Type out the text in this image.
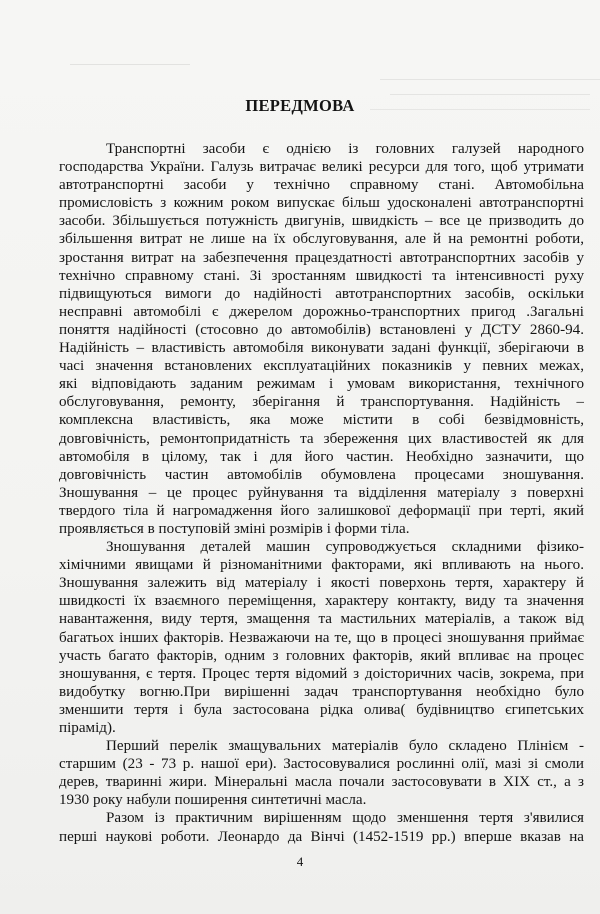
ПЕРЕДМОВА
Транспортні засоби є однією із головних галузей народного
господарства України. Галузь витрачає великі ресурси для того, щоб утримати
автотранспортні засоби у технічно справному стані. Автомобільна
промисловість з кожним роком випускає більш удосконалені автотранспортні
засоби. Збільшується потужність двигунів, швидкість – все це призводить до
збільшення витрат не лише на їх обслуговування, але й на ремонтні роботи,
зростання витрат на забезпечення працездатності автотранспортних засобів у
технічно справному стані. Зі зростанням швидкості та інтенсивності руху
підвищуються вимоги до надійності автотранспортних засобів, оскільки
несправні автомобілі є джерелом дорожньо-транспортних пригод .Загальні
поняття надійності (стосовно до автомобілів) встановлені у ДСТУ 2860-94.
Надійність – властивість автомобіля виконувати задані функції, зберігаючи в
часі значення встановлених експлуатаційних показників у певних межах,
які відповідають заданим режимам і умовам використання, технічного
обслуговування, ремонту, зберігання й транспортування. Надійність –
комплексна властивість, яка може містити в собі безвідмовність,
довговічність, ремонтопридатність та збереження цих властивостей як для
автомобіля в цілому, так і для його частин. Необхідно зазначити, що
довговічність частин автомобілів обумовлена процесами зношування.
Зношування – це процес руйнування та відділення матеріалу з поверхні
твердого тіла й нагромадження його залишкової деформації при терті, який
проявляється в поступовій зміні розмірів і форми тіла.
Зношування деталей машин супроводжується складними фізико-
хімічними явищами й різноманітними факторами, які впливають на нього.
Зношування залежить від матеріалу і якості поверхонь тертя, характеру й
швидкості їх взаємного переміщення, характеру контакту, виду та значення
навантаження, виду тертя, змащення та мастильних матеріалів, а також від
багатьох інших факторів. Незважаючи на те, що в процесі зношування приймає
участь багато факторів, одним з головних факторів, який впливає на процес
зношування, є тертя. Процес тертя відомий з доісторичних часів, зокрема, при
видобутку вогню.При вирішенні задач транспортування необхідно було
зменшити тертя і була застосована рідка олива( будівництво єгипетських
пірамід).
Перший перелік змащувальних матеріалів було складено Плінієм -
старшим (23 - 73 р. нашої ери). Застосовувалися рослинні олії, мазі зі смоли
дерев, тваринні жири. Мінеральні масла почали застосовувати в XIX ст., а з
1930 року набули поширення синтетичні масла.
Разом із практичним вирішенням щодо зменшення тертя з'явилися
перші наукові роботи. Леонардо да Вінчі (1452-1519 рр.) вперше вказав на
4
